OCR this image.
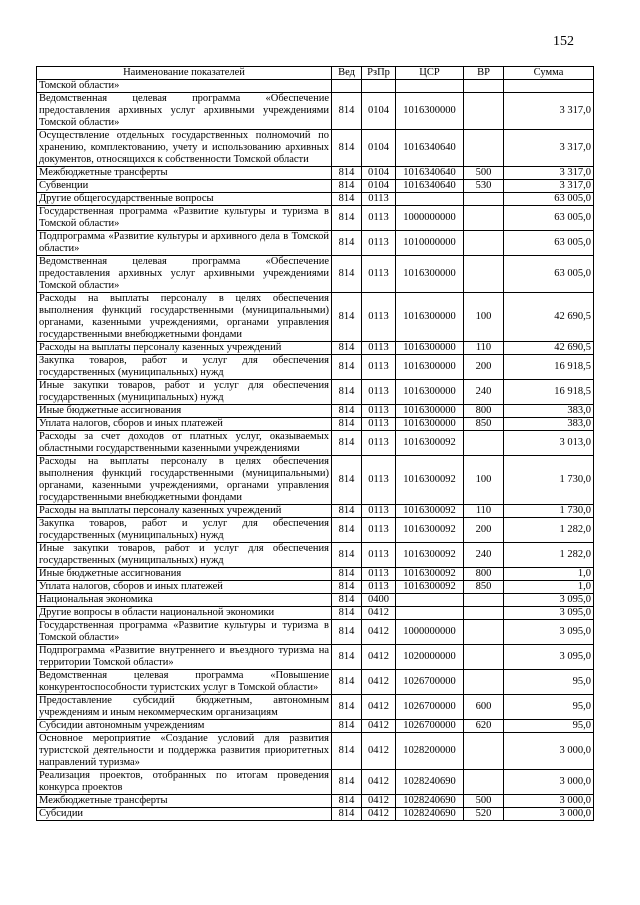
152
Наименование показателей	Вед	РзПр	ЦСР	ВР	Сумма
Томской области»					
Ведомственная целевая программа «Обеспечение предоставления архивных услуг архивными учреждениями Томской области»	814	0104	1016300000		3 317,0
Осуществление отдельных государственных полномочий по хранению, комплектованию, учету и использованию архивных документов, относящихся к собственности Томской области	814	0104	1016340640		3 317,0
Межбюджетные трансферты	814	0104	1016340640	500	3 317,0
Субвенции	814	0104	1016340640	530	3 317,0
Другие общегосударственные вопросы	814	0113			63 005,0
Государственная программа «Развитие культуры и туризма в Томской области»	814	0113	1000000000		63 005,0
Подпрограмма «Развитие культуры и архивного дела в Томской области»	814	0113	1010000000		63 005,0
Ведомственная целевая программа «Обеспечение предоставления архивных услуг архивными учреждениями Томской области»	814	0113	1016300000		63 005,0
Расходы на выплаты персоналу в целях обеспечения выполнения функций государственными (муниципальными) органами, казенными учреждениями, органами управления государственными внебюджетными фондами	814	0113	1016300000	100	42 690,5
Расходы на выплаты персоналу казенных учреждений	814	0113	1016300000	110	42 690,5
Закупка товаров, работ и услуг для обеспечения государственных (муниципальных) нужд	814	0113	1016300000	200	16 918,5
Иные закупки товаров, работ и услуг для обеспечения государственных (муниципальных) нужд	814	0113	1016300000	240	16 918,5
Иные бюджетные ассигнования	814	0113	1016300000	800	383,0
Уплата налогов, сборов и иных платежей	814	0113	1016300000	850	383,0
Расходы за счет доходов от платных услуг, оказываемых областными государственными казенными учреждениями	814	0113	1016300092		3 013,0
Расходы на выплаты персоналу в целях обеспечения выполнения функций государственными (муниципальными) органами, казенными учреждениями, органами управления государственными внебюджетными фондами	814	0113	1016300092	100	1 730,0
Расходы на выплаты персоналу казенных учреждений	814	0113	1016300092	110	1 730,0
Закупка товаров, работ и услуг для обеспечения государственных (муниципальных) нужд	814	0113	1016300092	200	1 282,0
Иные закупки товаров, работ и услуг для обеспечения государственных (муниципальных) нужд	814	0113	1016300092	240	1 282,0
Иные бюджетные ассигнования	814	0113	1016300092	800	1,0
Уплата налогов, сборов и иных платежей	814	0113	1016300092	850	1,0
Национальная экономика	814	0400			3 095,0
Другие вопросы в области национальной экономики	814	0412			3 095,0
Государственная программа «Развитие культуры и туризма в Томской области»	814	0412	1000000000		3 095,0
Подпрограмма «Развитие внутреннего и въездного туризма на территории Томской области»	814	0412	1020000000		3 095,0
Ведомственная целевая программа «Повышение конкурентоспособности туристских услуг в Томской области»	814	0412	1026700000		95,0
Предоставление субсидий бюджетным, автономным учреждениям и иным некоммерческим организациям	814	0412	1026700000	600	95,0
Субсидии автономным учреждениям	814	0412	1026700000	620	95,0
Основное мероприятие «Создание условий для развития туристской деятельности и поддержка развития приоритетных направлений туризма»	814	0412	1028200000		3 000,0
Реализация проектов, отобранных по итогам проведения конкурса проектов	814	0412	1028240690		3 000,0
Межбюджетные трансферты	814	0412	1028240690	500	3 000,0
Субсидии	814	0412	1028240690	520	3 000,0
